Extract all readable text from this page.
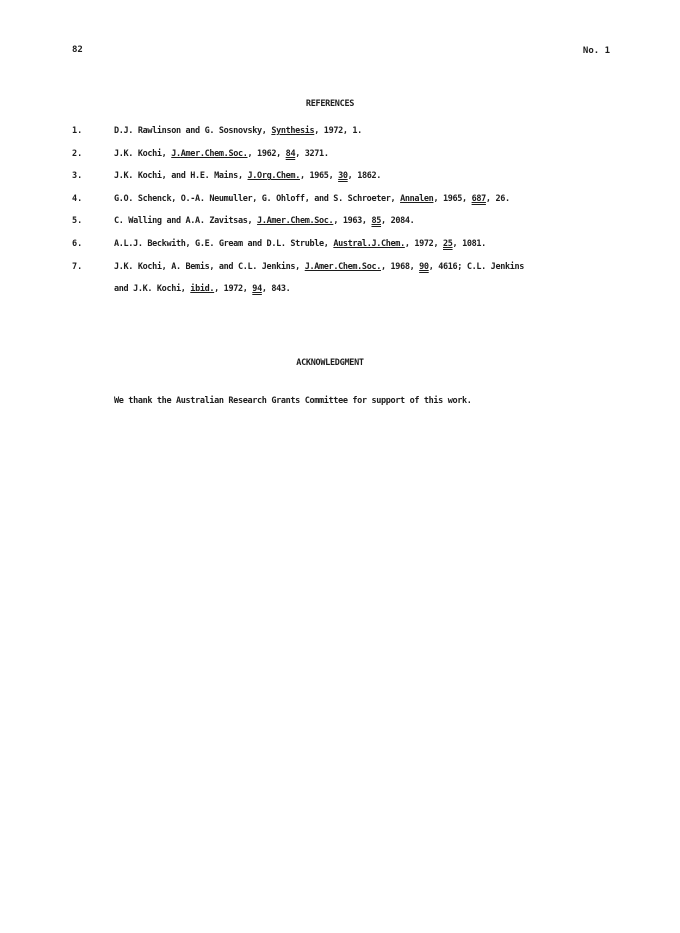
82	No. 1
REFERENCES
1.	D.J. Rawlinson and G. Sosnovsky, Synthesis, 1972, 1.
2.	J.K. Kochi, J.Amer.Chem.Soc., 1962, 84, 3271.
3.	J.K. Kochi, and H.E. Mains, J.Org.Chem., 1965, 30, 1862.
4.	G.O. Schenck, O.-A. Neumuller, G. Ohloff, and S. Schroeter, Annalen, 1965, 687, 26.
5.	C. Walling and A.A. Zavitsas, J.Amer.Chem.Soc., 1963, 85, 2084.
6.	A.L.J. Beckwith, G.E. Gream and D.L. Struble, Austral.J.Chem., 1972, 25, 1081.
7.	J.K. Kochi, A. Bemis, and C.L. Jenkins, J.Amer.Chem.Soc., 1968, 90, 4616; C.L. Jenkins
and J.K. Kochi, ibid., 1972, 94, 843.
ACKNOWLEDGMENT
We thank the Australian Research Grants Committee for support of this work.
